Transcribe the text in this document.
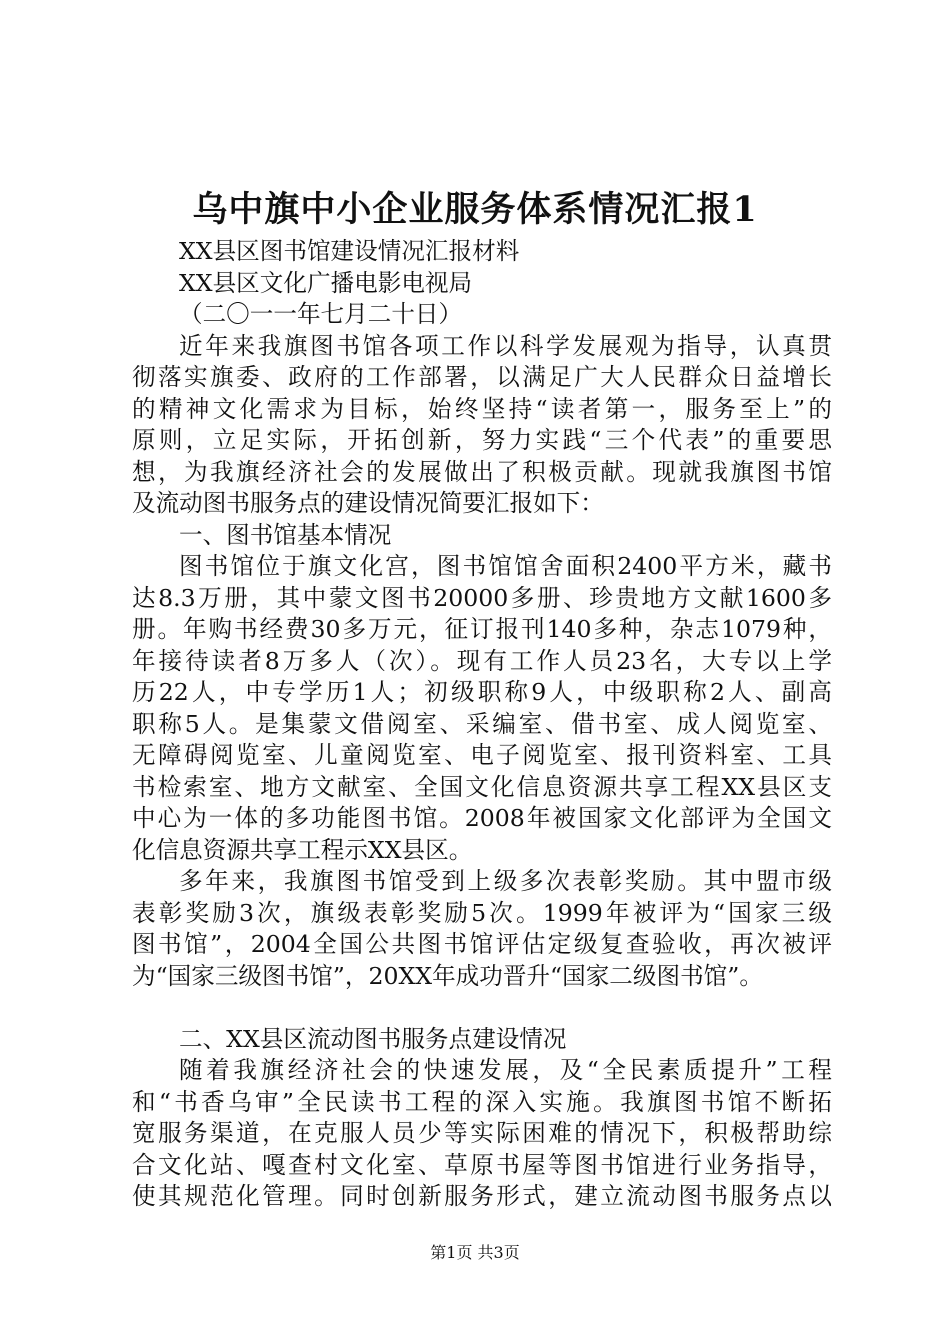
乌中旗中小企业服务体系情况汇报1
XX县区图书馆建设情况汇报材料
XX县区文化广播电影电视局
（二〇一一年七月二十日）
近年来我旗图书馆各项工作以科学发展观为指导，认真贯
彻落实旗委、政府的工作部署，以满足广大人民群众日益增长
的精神文化需求为目标，始终坚持“读者第一，服务至上”的
原则，立足实际，开拓创新，努力实践“三个代表”的重要思
想，为我旗经济社会的发展做出了积极贡献。现就我旗图书馆
及流动图书服务点的建设情况简要汇报如下：
一、图书馆基本情况
图书馆位于旗文化宫，图书馆馆舍面积2400平方米，藏书
达8.3万册，其中蒙文图书20000多册、珍贵地方文献1600多
册。年购书经费30多万元，征订报刊140多种，杂志1079种，
年接待读者8万多人（次）。现有工作人员23名，大专以上学
历22人，中专学历1人；初级职称9人，中级职称2人、副高
职称5人。是集蒙文借阅室、采编室、借书室、成人阅览室、
无障碍阅览室、儿童阅览室、电子阅览室、报刊资料室、工具
书检索室、地方文献室、全国文化信息资源共享工程XX县区支
中心为一体的多功能图书馆。2008年被国家文化部评为全国文
化信息资源共享工程示XX县区。
多年来，我旗图书馆受到上级多次表彰奖励。其中盟市级
表彰奖励3次，旗级表彰奖励5次。1999年被评为“国家三级
图书馆”，2004全国公共图书馆评估定级复查验收，再次被评
为“国家三级图书馆”，20XX年成功晋升“国家二级图书馆”。
二、XX县区流动图书服务点建设情况
随着我旗经济社会的快速发展，及“全民素质提升”工程
和“书香乌审”全民读书工程的深入实施。我旗图书馆不断拓
宽服务渠道，在克服人员少等实际困难的情况下，积极帮助综
合文化站、嘎查村文化室、草原书屋等图书馆进行业务指导，
使其规范化管理。同时创新服务形式，建立流动图书服务点以
第1页 共3页
